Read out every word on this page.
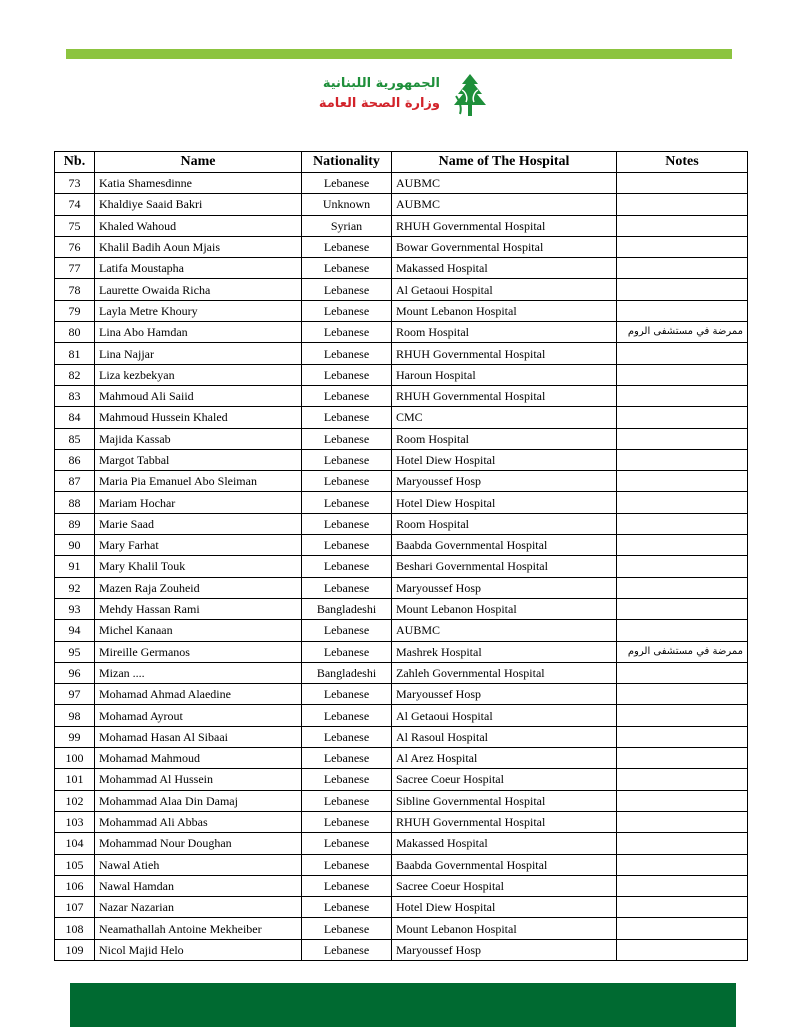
الجمهورية اللبنانية
وزارة الصحة العامة
Nb.	Name	Nationality	Name of The Hospital	Notes
73	Katia Shamesdinne	Lebanese	AUBMC	
74	Khaldiye Saaid Bakri	Unknown	AUBMC	
75	Khaled Wahoud	Syrian	RHUH Governmental Hospital	
76	Khalil Badih Aoun Mjais	Lebanese	Bowar Governmental Hospital	
77	Latifa Moustapha	Lebanese	Makassed Hospital	
78	Laurette Owaida Richa	Lebanese	Al Getaoui Hospital	
79	Layla Metre Khoury	Lebanese	Mount Lebanon Hospital	
80	Lina Abo Hamdan	Lebanese	Room Hospital	ممرضة في مستشفى الروم
81	Lina Najjar	Lebanese	RHUH Governmental Hospital	
82	Liza kezbekyan	Lebanese	Haroun Hospital	
83	Mahmoud Ali Saiid	Lebanese	RHUH Governmental Hospital	
84	Mahmoud Hussein Khaled	Lebanese	CMC	
85	Majida Kassab	Lebanese	Room Hospital	
86	Margot Tabbal	Lebanese	Hotel Diew Hospital	
87	Maria Pia Emanuel Abo Sleiman	Lebanese	Maryoussef Hosp	
88	Mariam Hochar	Lebanese	Hotel Diew Hospital	
89	Marie Saad	Lebanese	Room Hospital	
90	Mary Farhat	Lebanese	Baabda Governmental Hospital	
91	Mary Khalil Touk	Lebanese	Beshari Governmental Hospital	
92	Mazen Raja Zouheid	Lebanese	Maryoussef Hosp	
93	Mehdy Hassan Rami	Bangladeshi	Mount Lebanon Hospital	
94	Michel Kanaan	Lebanese	AUBMC	
95	Mireille Germanos	Lebanese	Mashrek Hospital	ممرضة في مستشفى الروم
96	Mizan ....	Bangladeshi	Zahleh Governmental Hospital	
97	Mohamad Ahmad Alaedine	Lebanese	Maryoussef Hosp	
98	Mohamad Ayrout	Lebanese	Al Getaoui Hospital	
99	Mohamad Hasan Al Sibaai	Lebanese	Al Rasoul Hospital	
100	Mohamad Mahmoud	Lebanese	Al Arez Hospital	
101	Mohammad Al Hussein	Lebanese	Sacree Coeur Hospital	
102	Mohammad Alaa Din Damaj	Lebanese	Sibline Governmental Hospital	
103	Mohammad Ali Abbas	Lebanese	RHUH Governmental Hospital	
104	Mohammad Nour Doughan	Lebanese	Makassed Hospital	
105	Nawal Atieh	Lebanese	Baabda Governmental Hospital	
106	Nawal Hamdan	Lebanese	Sacree Coeur Hospital	
107	Nazar Nazarian	Lebanese	Hotel Diew Hospital	
108	Neamathallah Antoine Mekheiber	Lebanese	Mount Lebanon Hospital	
109	Nicol Majid Helo	Lebanese	Maryoussef Hosp	
